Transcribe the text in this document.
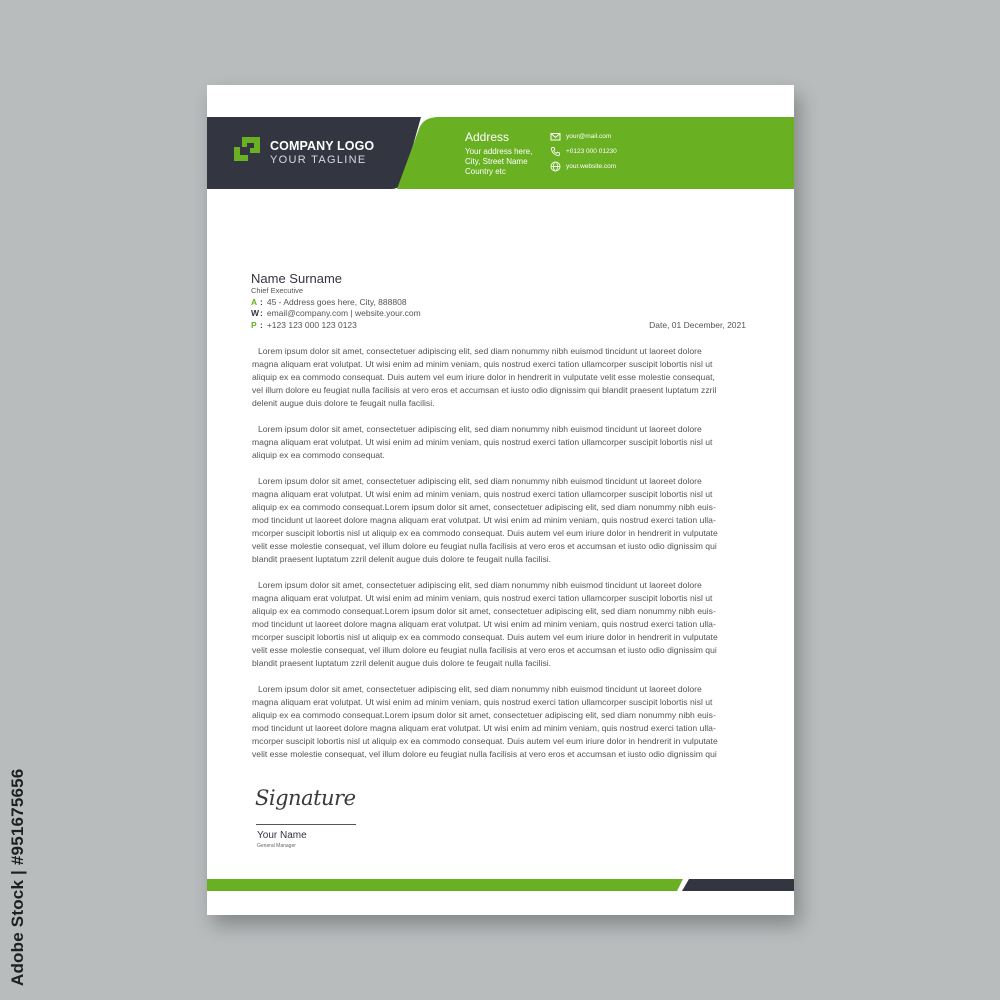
Adobe Stock | #951675656
COMPANY LOGO
YOUR TAGLINE
Address
Your address here,
City, Street Name
Country etc
your@mail.com
+0123 000 01230
your.website.com
Name Surname
Chief Executive
A : 45 - Address goes here, City, 888808
W: email@company.com | website.your.com
P : +123 123 000 123 0123	Date, 01 December, 2021

Lorem ipsum dolor sit amet, consectetuer adipiscing elit, sed diam nonummy nibh euismod tincidunt ut laoreet dolore
magna aliquam erat volutpat. Ut wisi enim ad minim veniam, quis nostrud exerci tation ullamcorper suscipit lobortis nisl ut
aliquip ex ea commodo consequat. Duis autem vel eum iriure dolor in hendrerit in vulputate velit esse molestie consequat,
vel illum dolore eu feugiat nulla facilisis at vero eros et accumsan et iusto odio dignissim qui blandit praesent luptatum zzril
delenit augue duis dolore te feugait nulla facilisi.

Lorem ipsum dolor sit amet, consectetuer adipiscing elit, sed diam nonummy nibh euismod tincidunt ut laoreet dolore
magna aliquam erat volutpat. Ut wisi enim ad minim veniam, quis nostrud exerci tation ullamcorper suscipit lobortis nisl ut
aliquip ex ea commodo consequat.

Lorem ipsum dolor sit amet, consectetuer adipiscing elit, sed diam nonummy nibh euismod tincidunt ut laoreet dolore
magna aliquam erat volutpat. Ut wisi enim ad minim veniam, quis nostrud exerci tation ullamcorper suscipit lobortis nisl ut
aliquip ex ea commodo consequat.Lorem ipsum dolor sit amet, consectetuer adipiscing elit, sed diam nonummy nibh euis-
mod tincidunt ut laoreet dolore magna aliquam erat volutpat. Ut wisi enim ad minim veniam, quis nostrud exerci tation ulla-
mcorper suscipit lobortis nisl ut aliquip ex ea commodo consequat. Duis autem vel eum iriure dolor in hendrerit in vulputate
velit esse molestie consequat, vel illum dolore eu feugiat nulla facilisis at vero eros et accumsan et iusto odio dignissim qui
blandit praesent luptatum zzril delenit augue duis dolore te feugait nulla facilisi.

Lorem ipsum dolor sit amet, consectetuer adipiscing elit, sed diam nonummy nibh euismod tincidunt ut laoreet dolore
magna aliquam erat volutpat. Ut wisi enim ad minim veniam, quis nostrud exerci tation ullamcorper suscipit lobortis nisl ut
aliquip ex ea commodo consequat.Lorem ipsum dolor sit amet, consectetuer adipiscing elit, sed diam nonummy nibh euis-
mod tincidunt ut laoreet dolore magna aliquam erat volutpat. Ut wisi enim ad minim veniam, quis nostrud exerci tation ulla-
mcorper suscipit lobortis nisl ut aliquip ex ea commodo consequat. Duis autem vel eum iriure dolor in hendrerit in vulputate
velit esse molestie consequat, vel illum dolore eu feugiat nulla facilisis at vero eros et accumsan et iusto odio dignissim qui
blandit praesent luptatum zzril delenit augue duis dolore te feugait nulla facilisi.

Lorem ipsum dolor sit amet, consectetuer adipiscing elit, sed diam nonummy nibh euismod tincidunt ut laoreet dolore
magna aliquam erat volutpat. Ut wisi enim ad minim veniam, quis nostrud exerci tation ullamcorper suscipit lobortis nisl ut
aliquip ex ea commodo consequat.Lorem ipsum dolor sit amet, consectetuer adipiscing elit, sed diam nonummy nibh euis-
mod tincidunt ut laoreet dolore magna aliquam erat volutpat. Ut wisi enim ad minim veniam, quis nostrud exerci tation ulla-
mcorper suscipit lobortis nisl ut aliquip ex ea commodo consequat. Duis autem vel eum iriure dolor in hendrerit in vulputate
velit esse molestie consequat, vel illum dolore eu feugiat nulla facilisis at vero eros et accumsan et iusto odio dignissim qui

Signature
Your Name
General Manager
